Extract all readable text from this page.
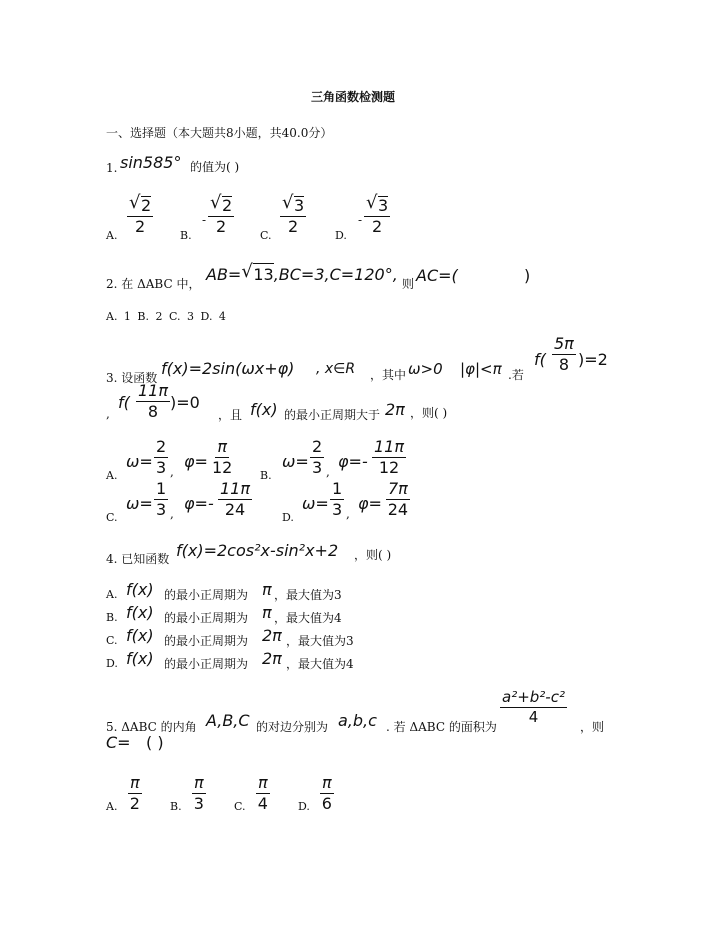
三角函数检测题
一、选择题（本大题共8小题，共40.0分）
1. sin585° 的值为( )
A.
√ $\frac{2}{2}$
B.
- √ $\frac{2}{2}$
C.
√ $\frac{3}{2}$
D.
- √ $\frac{3}{2}$
2. 在 ΔABC 中， AB= √ 13,BC=3,C=120°, 则 AC=(	)
A. 1 B. 2 C. 3 D. 4
3. 设函数 f(x)=2sin(ωx+φ) , x∈R ，其中 ω>0 |φ|<π .若
$f( \frac{5\pi}{8} )=2$
,
$f( \frac{11\pi}{8} )=0$
，且 f(x) 的最小正周期大于 2π ，则( )
A.
$\omega= \frac{2}{3}$ ,
$\varphi= \frac{\pi}{12}$	B.
$\omega= \frac{2}{3}$ ,
$\varphi=- \frac{11\pi}{12}$
C.
$\omega= \frac{1}{3}$ ,
$\varphi=- \frac{11\pi}{24}$	D.
$\omega= \frac{1}{3}$ ,
$\varphi= \frac{7\pi}{24}$
4. 已知函数 f(x)=2cos²x-sin²x+2 ，则( )
A. f(x) 的最小正周期为 π ，最大值为3
B. f(x) 的最小正周期为 π ，最大值为4
C. f(x) 的最小正周期为 2π ，最大值为3
D. f(x) 的最小正周期为 2π ，最大值为4
5. ΔABC 的内角 A,B,C 的对边分别为 a,b,c . 若 ΔABC 的面积为
$\frac{\text{a²+b²-c²}}{4}$
，则
C= ( )
A. $\frac{\pi}{2}$	B. $\frac{\pi}{3}$	C. $\frac{\pi}{4}$	D. $\frac{\pi}{6}$
